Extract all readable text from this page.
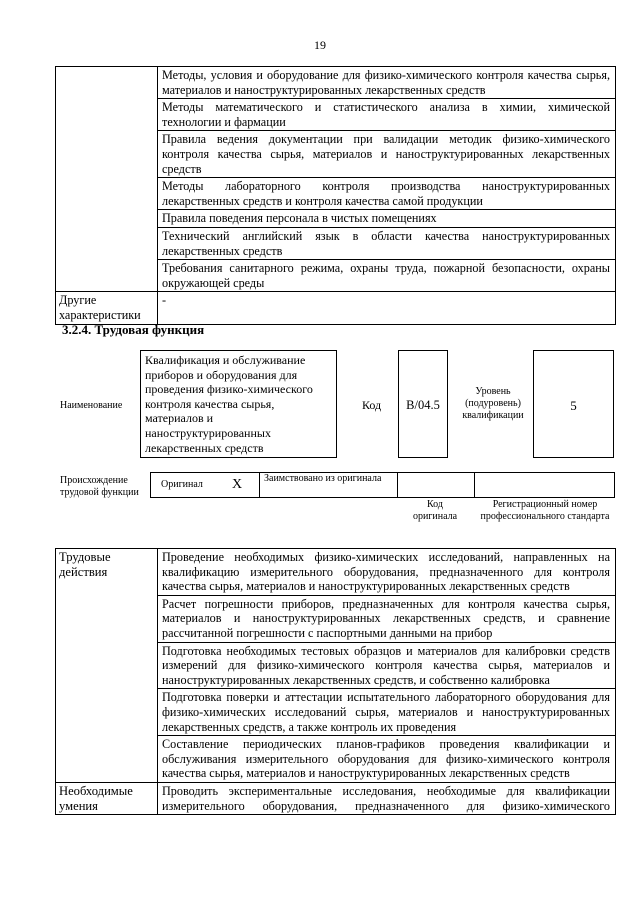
19
	Методы, условия и оборудование для физико-химического контроля качества сырья, материалов и наноструктурированных лекарственных средств
	Методы математического и статистического анализа в химии, химической технологии и фармации
	Правила ведения документации при валидации методик физико-химического контроля качества сырья, материалов и наноструктурированных лекарственных средств
	Методы лабораторного контроля производства наноструктурированных лекарственных средств и контроля качества самой продукции
	Правила поведения персонала в чистых помещениях
	Технический английский язык в области качества наноструктурированных лекарственных средств
	Требования санитарного режима, охраны труда, пожарной безопасности, охраны окружающей среды
Другие характеристики	-
3.2.4. Трудовая функция
Наименование
Квалификация и обслуживание приборов и оборудования для проведения физико-химического контроля качества сырья, материалов и наноструктурированных лекарственных средств
Код	B/04.5
Уровень (подуровень) квалификации
5
Происхождение трудовой функции
Оригинал X Заимствовано из оригинала
Код оригинала
Регистрационный номер профессионального стандарта
Трудовые действия	Проведение необходимых физико-химических исследований, направленных на квалификацию измерительного оборудования, предназначенного для контроля качества сырья, материалов и наноструктурированных лекарственных средств
	Расчет погрешности приборов, предназначенных для контроля качества сырья, материалов и наноструктурированных лекарственных средств, и сравнение рассчитанной погрешности с паспортными данными на прибор
	Подготовка необходимых тестовых образцов и материалов для калибровки средств измерений для физико-химического контроля качества сырья, материалов и наноструктурированных лекарственных средств, и собственно калибровка
	Подготовка поверки и аттестации испытательного лабораторного оборудования для физико-химических исследований сырья, материалов и наноструктурированных лекарственных средств, а также контроль их проведения
	Составление периодических планов-графиков проведения квалификации и обслуживания измерительного оборудования для физико-химического контроля качества сырья, материалов и наноструктурированных лекарственных средств
Необходимые умения	Проводить экспериментальные исследования, необходимые для квалификации измерительного оборудования, предназначенного для физико-химического
